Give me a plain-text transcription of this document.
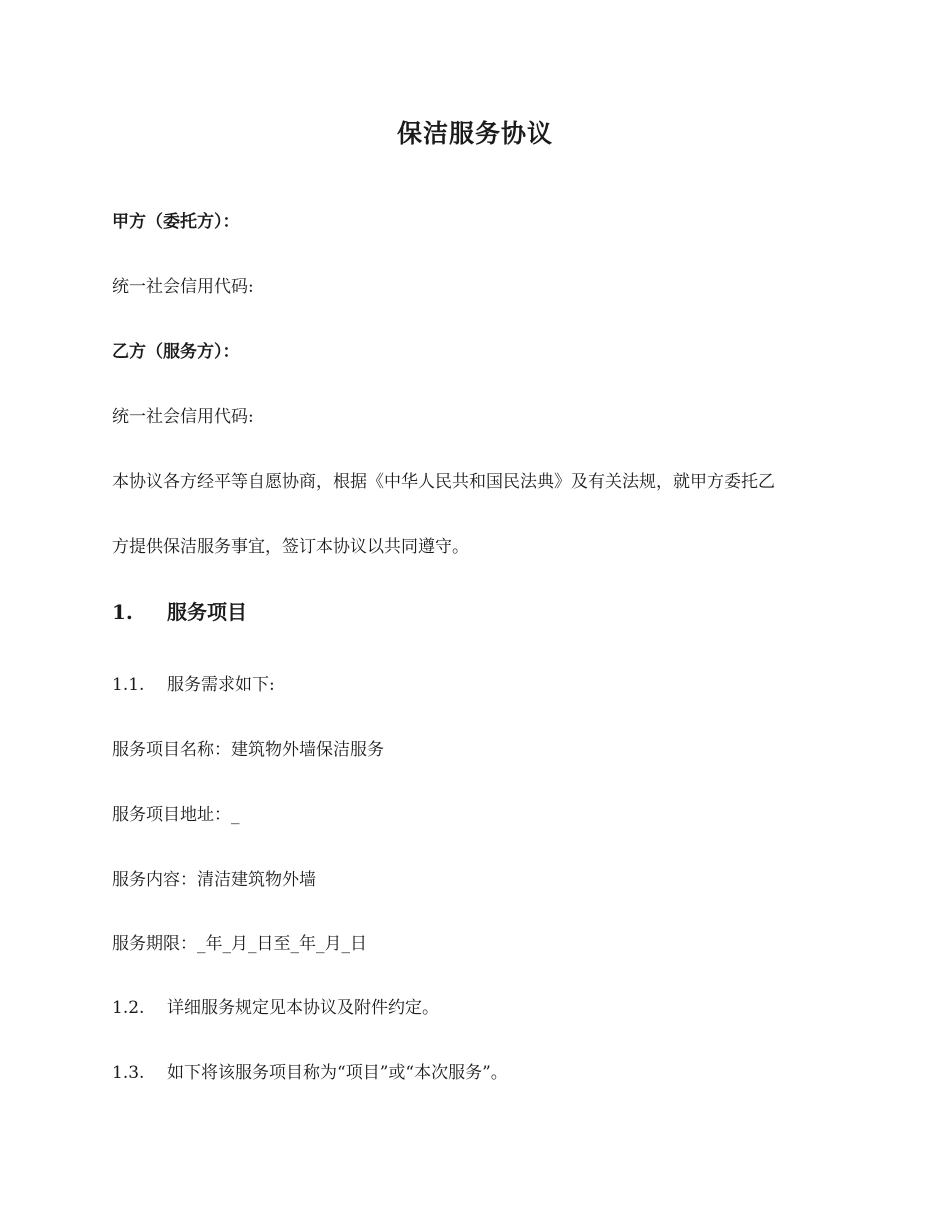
保洁服务协议
甲方（委托方）：
统一社会信用代码:
乙方（服务方）：
统一社会信用代码:
本协议各方经平等自愿协商，根据《中华人民共和国民法典》及有关法规，就甲方委托乙
方提供保洁服务事宜，签订本协议以共同遵守。
1. 服务项目
1.1. 服务需求如下:
服务项目名称：建筑物外墙保洁服务
服务项目地址：_
服务内容：清洁建筑物外墙
服务期限：_年_月_日至_年_月_日
1.2. 详细服务规定见本协议及附件约定。
1.3. 如下将该服务项目称为“项目”或“本次服务”。
